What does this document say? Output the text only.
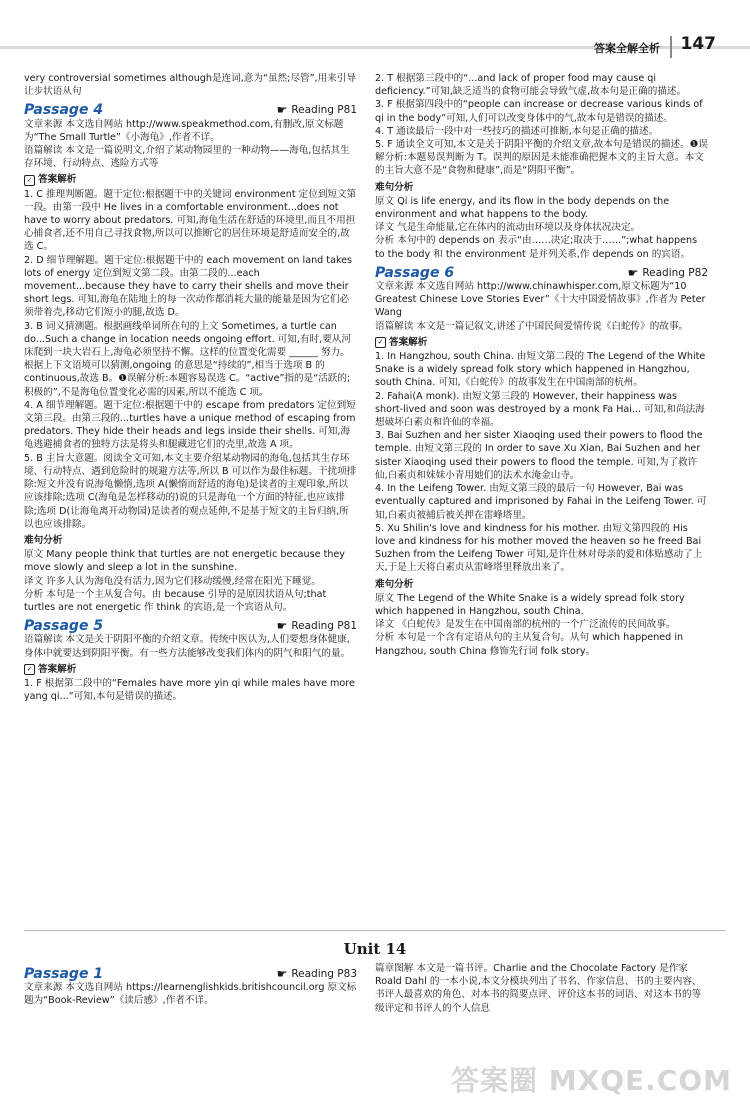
答案全解全析 147

very controversial sometimes although是连词,意为“虽然;尽管”,用来引导让步状语从句

Passage 4	☛ Reading P81

文章来源 本文选自网站 http://www.speakmethod.com,有删改,原文标题为“The Small Turtle”《小海龟》,作者不详。

语篇解读 本文是一篇说明文,介绍了某动物园里的一种动物——海龟,包括其生存环境、行动特点、逃险方式等

✓ 答案解析

1. C 推理判断题。题干定位:根据题干中的关键词 environment 定位到短文第一段。由第一段中 He lives in a comfortable environment...does not have to worry about predators. 可知,海龟生活在舒适的环境里,而且不用担心捕食者,还不用自己寻找食物,所以可以推断它的居住环境是舒适而安全的,故选 C。

2. D 细节理解题。题干定位:根据题干中的 each movement on land takes lots of energy 定位到短文第二段。由第二段的...each movement...because they have to carry their shells and move their short legs. 可知,海龟在陆地上的每一次动作都消耗大量的能量是因为它们必须带着壳,移动它们短小的腿,故选 D。

3. B 词义猜测题。根据画线单词所在句的上文 Sometimes, a turtle can do...Such a change in location needs ongoing effort. 可知,有时,要从河床爬到一块大岩石上,海龟必须坚持不懈。这样的位置变化需要 ______ 努力。根据上下文语境可以猜测,ongoing 的意思是“持续的”,相当于选项 B 的 continuous,故选 B。❶误解分析:本题容易误选 C。“active”指的是“活跃的;积极的”,不是海龟位置变化必需的因素,所以不能选 C 项。

4. A 细节理解题。题干定位:根据题干中的 escape from predators 定位到短文第三段。由第三段的...turtles have a unique method of escaping from predators. They hide their heads and legs inside their shells. 可知,海龟逃避捕食者的独特方法是将头和腿藏进它们的壳里,故选 A 项。

5. B 主旨大意题。阅读全文可知,本文主要介绍某动物园的海龟,包括其生存环境、行动特点、遇到危险时的规避方法等,所以 B 可以作为最佳标题。干扰项排除:短文并没有说海龟懒惰,选项 A(懒惰而舒适的海龟)是读者的主观印象,所以应该排除;选项 C(海龟是怎样移动的)说的只是海龟一个方面的特征,也应该排除;选项 D(让海龟离开动物园)是读者的观点延伸,不是基于短文的主旨归纳,所以也应该排除。

难句分析

原文 Many people think that turtles are not energetic because they move slowly and sleep a lot in the sunshine.

译文 许多人认为海龟没有活力,因为它们移动缓慢,经常在阳光下睡觉。

分析 本句是一个主从复合句。由 because 引导的是原因状语从句;that turtles are not energetic 作 think 的宾语,是一个宾语从句。

Passage 5	☛ Reading P81

语篇解读 本文是关于阴阳平衡的介绍文章。传统中医认为,人们要想身体健康,身体中就要达到阴阳平衡。有一些方法能够改变我们体内的阴气和阳气的量。

✓ 答案解析

1. F 根据第二段中的“Females have more yin qi while males have more yang qi...”可知,本句是错误的描述。

2. T 根据第三段中的“...and lack of proper food may cause qi deficiency.”可知,缺乏适当的食物可能会导致气虚,故本句是正确的描述。

3. F 根据第四段中的“people can increase or decrease various kinds of qi in the body”可知,人们可以改变身体中的气,故本句是错误的描述。

4. T 通读最后一段中对一些技巧的描述可推断,本句是正确的描述。

5. F 通读全文可知,本文是关于阴阳平衡的介绍文章,故本句是错误的描述。❶误解分析:本题易误判断为 T。误判的原因是未能准确把握本文的主旨大意。本文的主旨大意不是“食物和健康”,而是“阴阳平衡”。

难句分析

原文 Qi is life energy, and its flow in the body depends on the environment and what happens to the body.

译文 气是生命能量,它在体内的流动由环境以及身体状况决定。

分析 本句中的 depends on 表示“由……决定;取决于……”;what happens to the body 和 the environment 是并列关系,作 depends on 的宾语。

Passage 6	☛ Reading P82

文章来源 本文选自网站 http://www.chinawhisper.com,原文标题为“10 Greatest Chinese Love Stories Ever”《十大中国爱情故事》,作者为 Peter Wang

语篇解读 本文是一篇记叙文,讲述了中国民间爱情传说《白蛇传》的故事。

✓ 答案解析

1. In Hangzhou, south China. 由短文第二段的 The Legend of the White Snake is a widely spread folk story which happened in Hangzhou, south China. 可知,《白蛇传》的故事发生在中国南部的杭州。

2. Fahai(A monk). 由短文第三段的 However, their happiness was short-lived and soon was destroyed by a monk Fa Hai... 可知,和尚法海想破坏白素贞和许仙的幸福。

3. Bai Suzhen and her sister Xiaoqing used their powers to flood the temple. 由短文第三段的 In order to save Xu Xian, Bai Suzhen and her sister Xiaoqing used their powers to flood the temple. 可知,为了救许仙,白素贞和妹妹小青用她们的法术水淹金山寺。

4. In the Leifeng Tower. 由短文第三段的最后一句 However, Bai was eventually captured and imprisoned by Fahai in the Leifeng Tower. 可知,白素贞被捕后被关押在雷峰塔里。

5. Xu Shilin's love and kindness for his mother. 由短文第四段的 His love and kindness for his mother moved the heaven so he freed Bai Suzhen from the Leifeng Tower 可知,是许仕林对母亲的爱和体贴感动了上天,于是上天将白素贞从雷峰塔里释放出来了。

难句分析

原文 The Legend of the White Snake is a widely spread folk story which happened in Hangzhou, south China.

译文 《白蛇传》是发生在中国南部的杭州的一个广泛流传的民间故事。

分析 本句是一个含有定语从句的主从复合句。从句 which happened in Hangzhou, south China 修饰先行词 folk story。

Unit 14
Passage 1	☛ Reading P83

文章来源 本文选自网站 https://learnenglishkids.britishcouncil.org 原文标题为“Book-Review”《读后感》,作者不详。

篇章图解 本文是一篇书评。Charlie and the Chocolate Factory 是作家 Roald Dahl 的一本小说,本文分模块列出了书名、作家信息、书的主要内容、书评人最喜欢的角色、对本书的简要点评、评价这本书的词语、对这本书的等级评定和书评人的个人信息

答案圈 MXQE.COM
